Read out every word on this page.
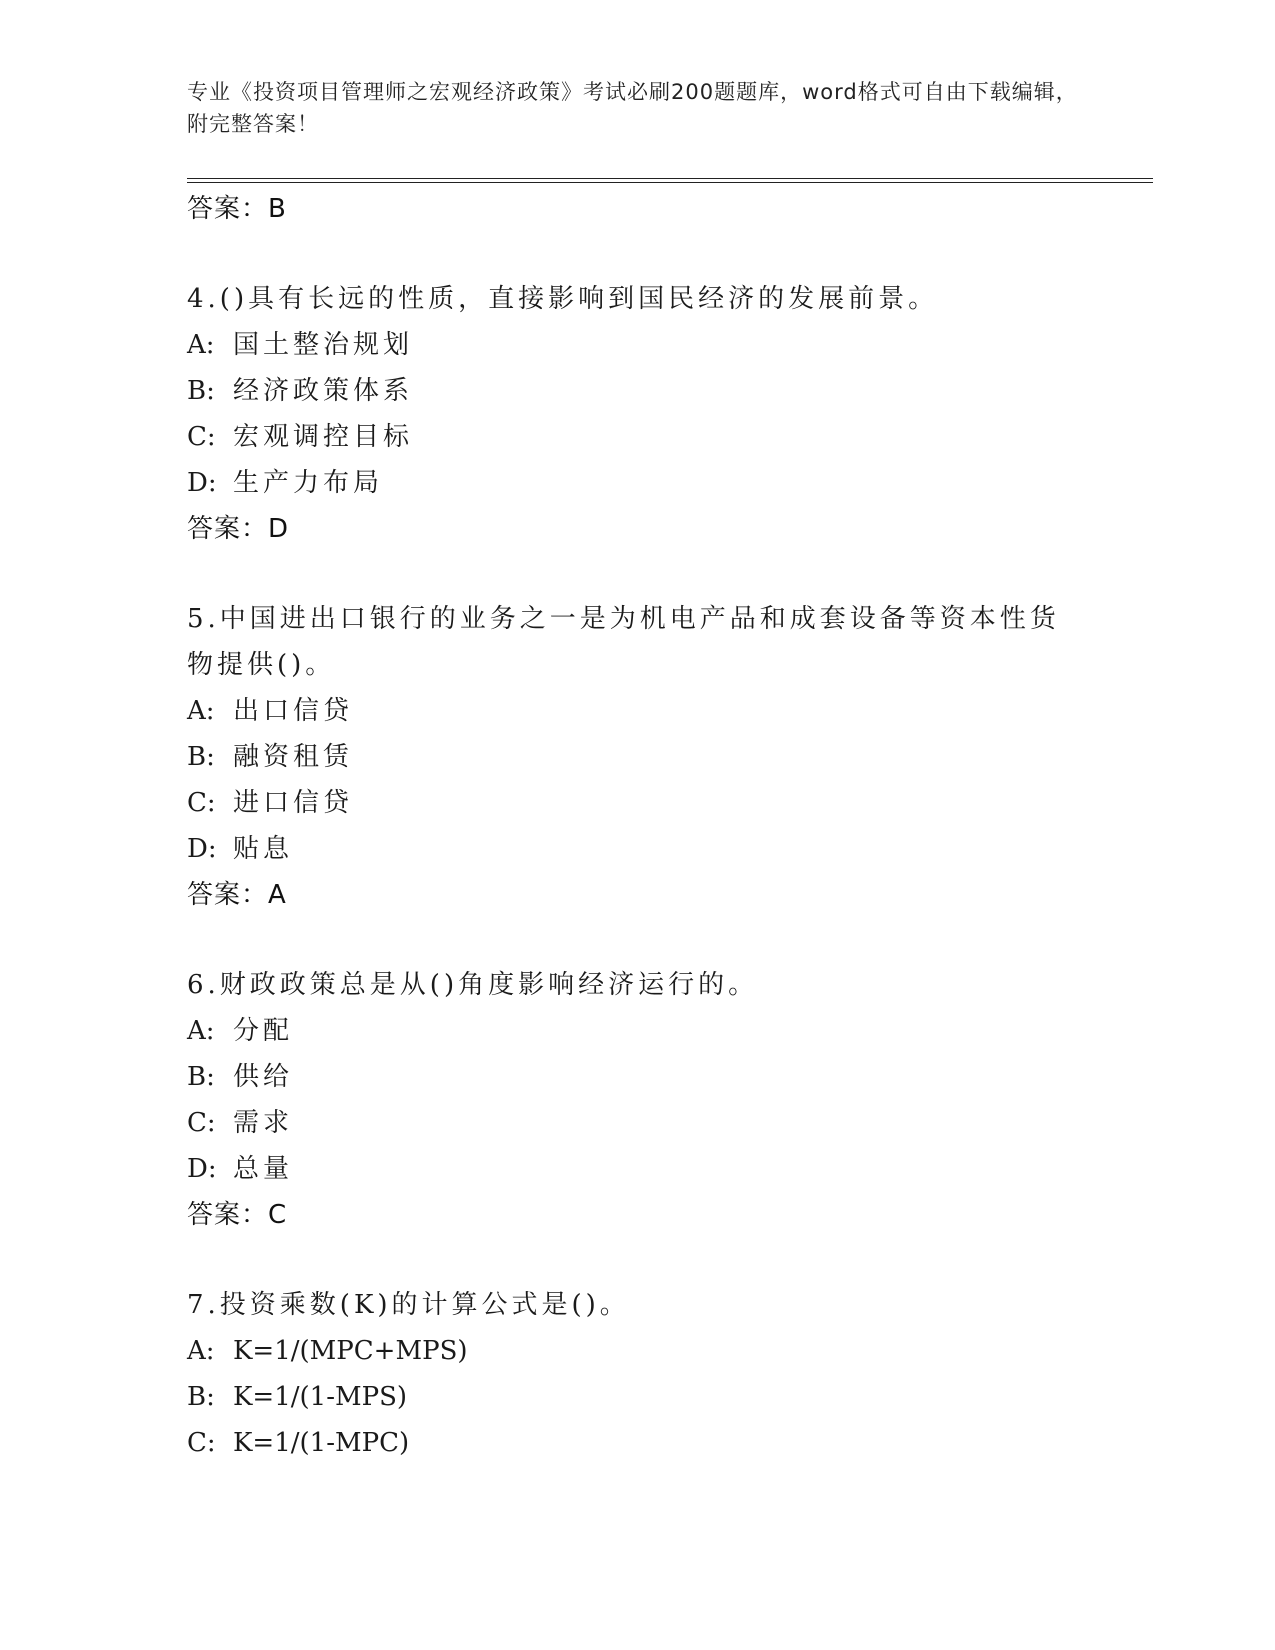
专业《投资项目管理师之宏观经济政策》考试必刷200题题库，word格式可自由下载编辑，附完整答案！
答案：B
4.()具有长远的性质，直接影响到国民经济的发展前景。
A: 国土整治规划
B: 经济政策体系
C: 宏观调控目标
D: 生产力布局
答案：D
5.中国进出口银行的业务之一是为机电产品和成套设备等资本性货物提供()。
A: 出口信贷
B: 融资租赁
C: 进口信贷
D: 贴息
答案：A
6.财政政策总是从()角度影响经济运行的。
A: 分配
B: 供给
C: 需求
D: 总量
答案：C
7.投资乘数(K)的计算公式是()。
A: K=1/(MPC+MPS)
B: K=1/(1-MPS)
C: K=1/(1-MPC)
